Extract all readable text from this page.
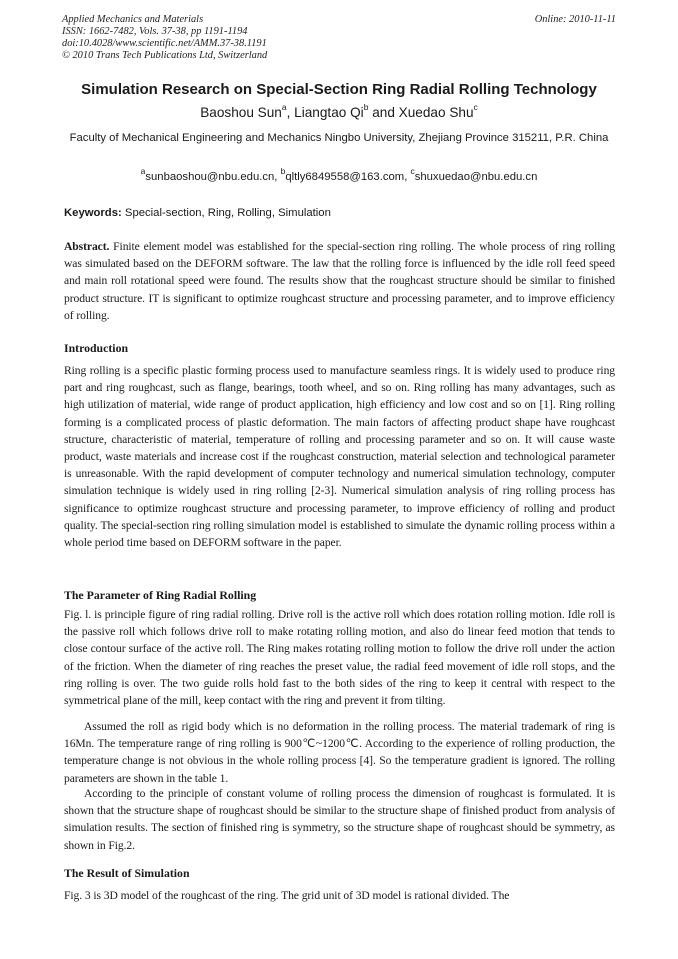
Applied Mechanics and Materials
ISSN: 1662-7482, Vols. 37-38, pp 1191-1194
doi:10.4028/www.scientific.net/AMM.37-38.1191
© 2010 Trans Tech Publications Ltd, Switzerland
Online: 2010-11-11
Simulation Research on Special-Section Ring Radial Rolling Technology
Baoshou Sun$^a$, Liangtao Qi$^b$ and Xuedao Shu$^c$
Faculty of Mechanical Engineering and Mechanics Ningbo University, Zhejiang Province 315211, P.R. China
$^a$sunbaoshou@nbu.edu.cn, $^b$qltly6849558@163.com, $^c$shuxuedao@nbu.edu.cn
Keywords: Special-section, Ring, Rolling, Simulation

Abstract. Finite element model was established for the special-section ring rolling. The whole process of ring rolling was simulated based on the DEFORM software. The law that the rolling force is influenced by the idle roll feed speed and main roll rotational speed were found. The results show that the roughcast structure should be similar to finished product structure. IT is significant to optimize roughcast structure and processing parameter, and to improve efficiency of rolling.

Introduction

Ring rolling is a specific plastic forming process used to manufacture seamless rings. It is widely used to produce ring part and ring roughcast, such as flange, bearings, tooth wheel, and so on. Ring rolling has many advantages, such as high utilization of material, wide range of product application, high efficiency and low cost and so on [1]. Ring rolling forming is a complicated process of plastic deformation. The main factors of affecting product shape have roughcast structure, characteristic of material, temperature of rolling and processing parameter and so on. It will cause waste product, waste materials and increase cost if the roughcast construction, material selection and technological parameter is unreasonable. With the rapid development of computer technology and numerical simulation technology, computer simulation technique is widely used in ring rolling [2-3]. Numerical simulation analysis of ring rolling process has significance to optimize roughcast structure and processing parameter, to improve efficiency of rolling and product quality. The special-section ring rolling simulation model is established to simulate the dynamic rolling process within a whole period time based on DEFORM software in the paper.

The Parameter of Ring Radial Rolling

Fig. l. is principle figure of ring radial rolling. Drive roll is the active roll which does rotation rolling motion. Idle roll is the passive roll which follows drive roll to make rotating rolling motion, and also do linear feed motion that tends to close contour surface of the active roll. The Ring makes rotating rolling motion to follow the drive roll under the action of the friction. When the diameter of ring reaches the preset value, the radial feed movement of idle roll stops, and the ring rolling is over. The two guide rolls hold fast to the both sides of the ring to keep it central with respect to the symmetrical plane of the mill, keep contact with the ring and prevent it from tilting.

Assumed the roll as rigid body which is no deformation in the rolling process. The material trademark of ring is 16Mn. The temperature range of ring rolling is 900℃~1200℃. According to the experience of rolling production, the temperature change is not obvious in the whole rolling process [4]. So the temperature gradient is ignored. The rolling parameters are shown in the table 1.

According to the principle of constant volume of rolling process the dimension of roughcast is formulated. It is shown that the structure shape of roughcast should be similar to the structure shape of finished product from analysis of simulation results. The section of finished ring is symmetry, so the structure shape of roughcast should be symmetry, as shown in Fig.2.

The Result of Simulation

Fig. 3 is 3D model of the roughcast of the ring. The grid unit of 3D model is rational divided. The
